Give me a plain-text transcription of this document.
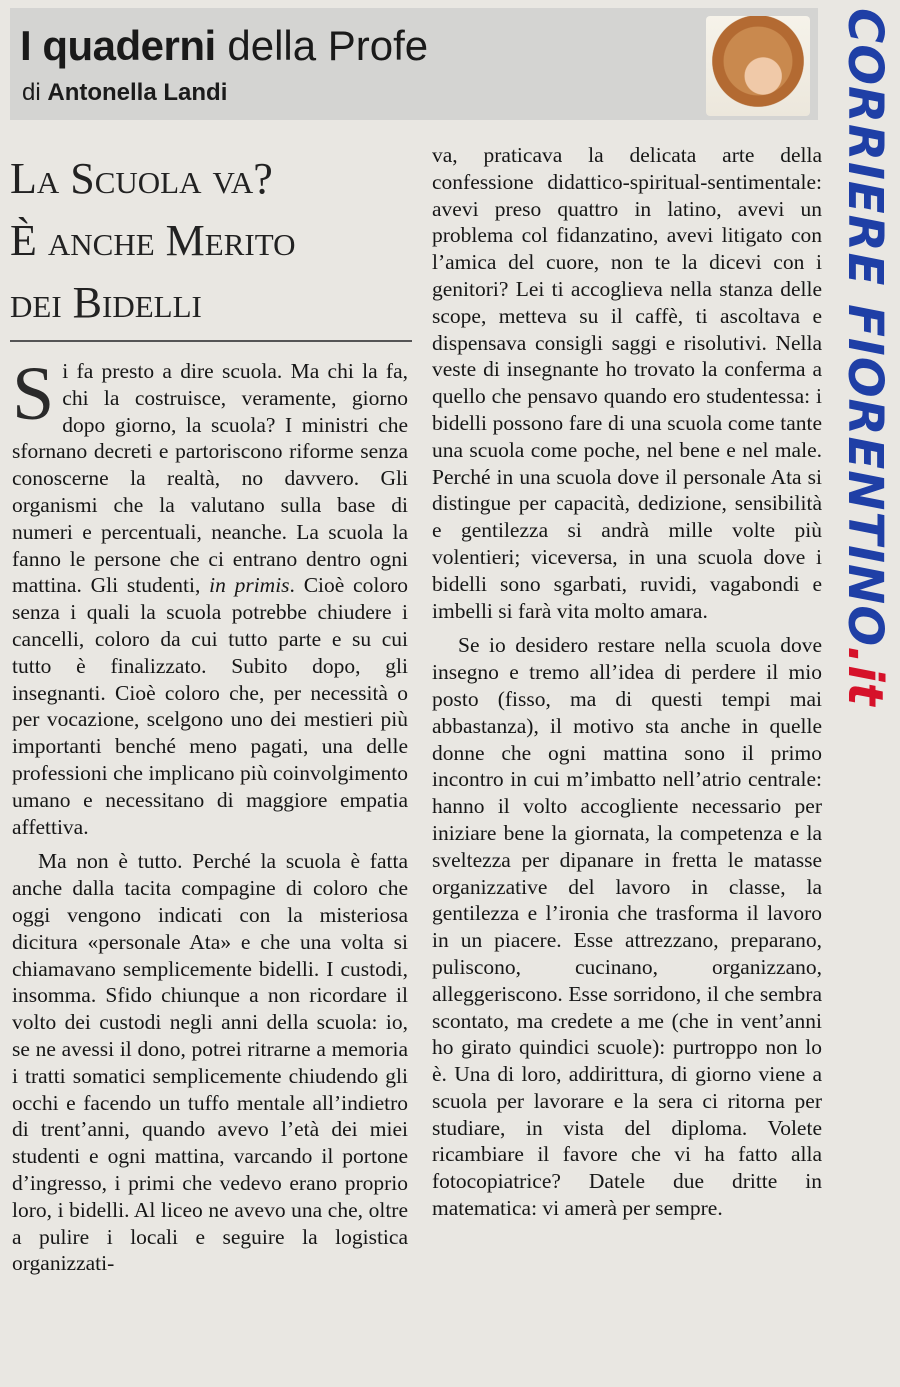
I quaderni della Profe
di Antonella Landi	CORRIERE FIORENTINO.it
La Scuola va?
È anche Merito
dei Bidelli

Si fa presto a dire scuola. Ma chi la fa, chi la costruisce, veramente, giorno dopo giorno, la scuola? I ministri che sfornano decreti e partoriscono riforme senza conoscerne la realtà, no davvero. Gli organismi che la valutano sulla base di numeri e percentuali, neanche. La scuola la fanno le persone che ci entrano dentro ogni mattina. Gli studenti, in primis. Cioè coloro senza i quali la scuola potrebbe chiudere i cancelli, coloro da cui tutto parte e su cui tutto è finalizzato. Subito dopo, gli insegnanti. Cioè coloro che, per necessità o per vocazione, scelgono uno dei mestieri più importanti benché meno pagati, una delle professioni che implicano più coinvolgimento umano e necessitano di maggiore empatia affettiva.

Ma non è tutto. Perché la scuola è fatta anche dalla tacita compagine di coloro che oggi vengono indicati con la misteriosa dicitura «personale Ata» e che una volta si chiamavano semplicemente bidelli. I custodi, insomma. Sfido chiunque a non ricordare il volto dei custodi negli anni della scuola: io, se ne avessi il dono, potrei ritrarne a memoria i tratti somatici semplicemente chiudendo gli occhi e facendo un tuffo mentale all’indietro di trent’anni, quando avevo l’età dei miei studenti e ogni mattina, varcando il portone d’ingresso, i primi che vedevo erano proprio loro, i bidelli. Al liceo ne avevo una che, oltre a pulire i locali e seguire la logistica organizzati-

va, praticava la delicata arte della confessione didattico-spiritual-sentimentale: avevi preso quattro in latino, avevi un problema col fidanzatino, avevi litigato con l’amica del cuore, non te la dicevi con i genitori? Lei ti accoglieva nella stanza delle scope, metteva su il caffè, ti ascoltava e dispensava consigli saggi e risolutivi. Nella veste di insegnante ho trovato la conferma a quello che pensavo quando ero studentessa: i bidelli possono fare di una scuola come tante una scuola come poche, nel bene e nel male. Perché in una scuola dove il personale Ata si distingue per capacità, dedizione, sensibilità e gentilezza si andrà mille volte più volentieri; viceversa, in una scuola dove i bidelli sono sgarbati, ruvidi, vagabondi e imbelli si farà vita molto amara.

Se io desidero restare nella scuola dove insegno e tremo all’idea di perdere il mio posto (fisso, ma di questi tempi mai abbastanza), il motivo sta anche in quelle donne che ogni mattina sono il primo incontro in cui m’imbatto nell’atrio centrale: hanno il volto accogliente necessario per iniziare bene la giornata, la competenza e la sveltezza per dipanare in fretta le matasse organizzative del lavoro in classe, la gentilezza e l’ironia che trasforma il lavoro in un piacere. Esse attrezzano, preparano, puliscono, cucinano, organizzano, alleggeriscono. Esse sorridono, il che sembra scontato, ma credete a me (che in vent’anni ho girato quindici scuole): purtroppo non lo è. Una di loro, addirittura, di giorno viene a scuola per lavorare e la sera ci ritorna per studiare, in vista del diploma. Volete ricambiare il favore che vi ha fatto alla fotocopiatrice? Datele due dritte in matematica: vi amerà per sempre.
